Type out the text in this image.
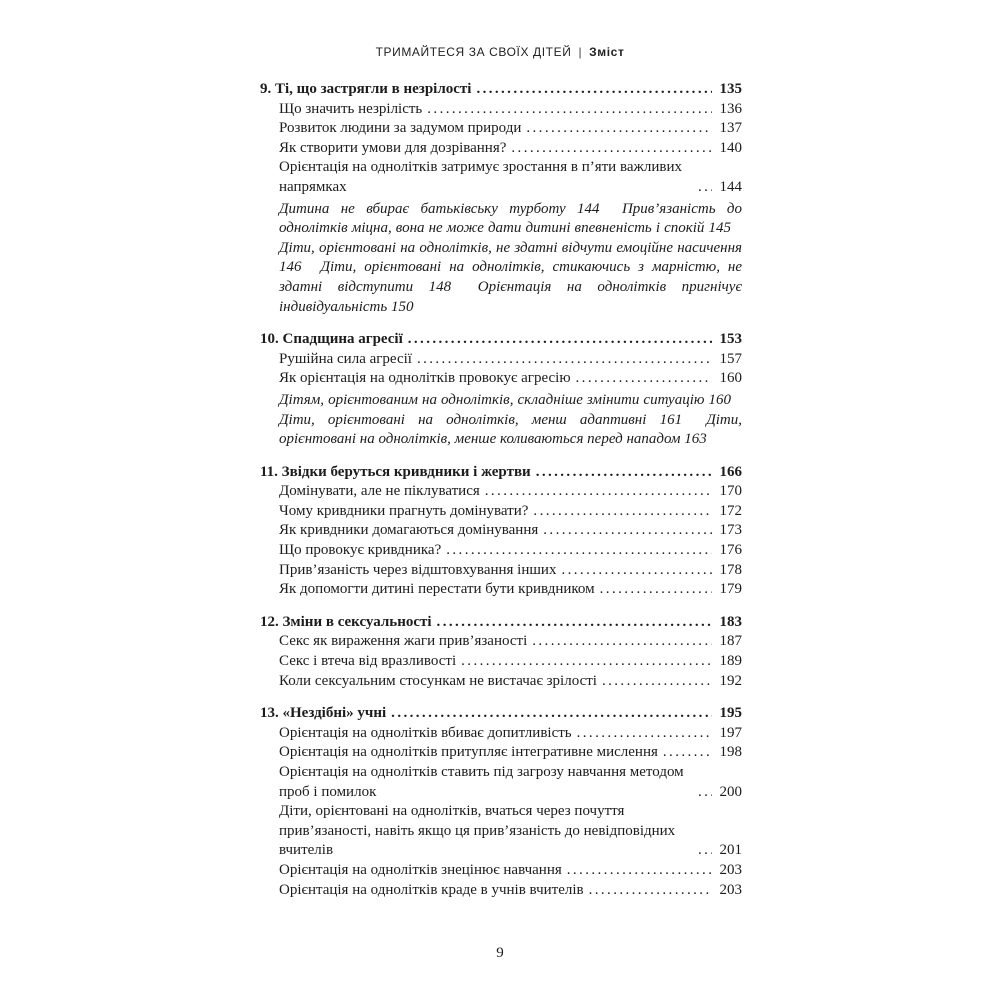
ТРИМАЙТЕСЯ ЗА СВОЇХ ДІТЕЙ | Зміст
9. Ті, що застрягли в незрілості .....	135
Що значить незрілість .....	136
Розвиток людини за задумом природи .....	137
Як створити умови для дозрівання? .....	140
Орієнтація на однолітків затримує зростання в п’яти важливих напрямках .....	144
Дитина не вбирає батьківську турботу 144 Прив’язаність до однолітків міцна, вона не може дати дитині впевненість і спокій 145 Діти, орієнтовані на однолітків, не здатні відчути емоційне насичення 146 Діти, орієнтовані на однолітків, стикаючись з марністю, не здатні відступити 148 Орієнтація на однолітків пригнічує індивідуальність 150
10. Спадщина агресії .....	153
Рушійна сила агресії .....	157
Як орієнтація на однолітків провокує агресію .....	160
Дітям, орієнтованим на однолітків, складніше змінити ситуацію 160 Діти, орієнтовані на однолітків, менш адаптивні 161 Діти, орієнтовані на однолітків, менше коливаються перед нападом 163
11. Звідки беруться кривдники і жертви .....	166
Домінувати, але не піклуватися .....	170
Чому кривдники прагнуть домінувати? .....	172
Як кривдники домагаються домінування .....	173
Що провокує кривдника? .....	176
Прив’язаність через відштовхування інших .....	178
Як допомогти дитині перестати бути кривдником .....	179
12. Зміни в сексуальності .....	183
Секс як вираження жаги прив’язаності .....	187
Секс і втеча від вразливості .....	189
Коли сексуальним стосункам не вистачає зрілості .....	192
13. «Нездібні» учні .....	195
Орієнтація на однолітків вбиває допитливість .....	197
Орієнтація на однолітків притупляє інтегративне мислення .....	198
Орієнтація на однолітків ставить під загрозу навчання методом проб і помилок .....	200
Діти, орієнтовані на однолітків, вчаться через почуття прив’язаності, навіть якщо ця прив’язаність до невідповідних вчителів .....	201
Орієнтація на однолітків знецінює навчання .....	203
Орієнтація на однолітків краде в учнів вчителів .....	203
9
